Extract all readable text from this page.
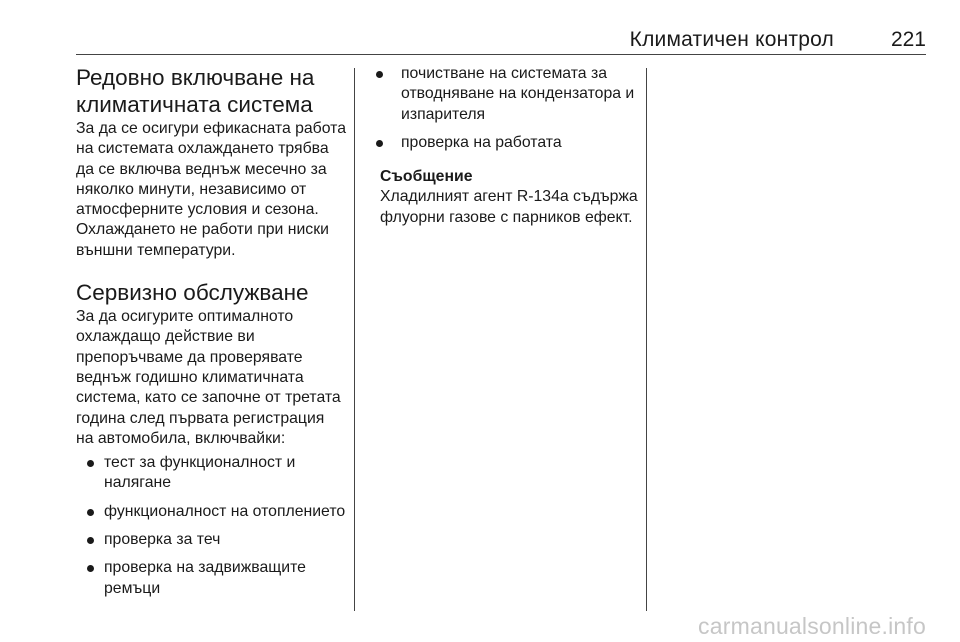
Климатичен контрол	221
Редовно включване на климатичната система

За да се осигури ефикасната работа на системата охлаждането трябва да се включва веднъж месечно за няколко минути, независимо от атмосферните условия и сезона. Охлаждането не работи при ниски външни температури.

Сервизно обслужване

За да осигурите оптималното охлаждащо действие ви препоръчваме да проверявате веднъж годишно климатичната система, като се започне от третата година след първата регистрация на автомобила, включвайки:

тест за функционалност и налягане
функционалност на отоплението
проверка за теч
проверка на задвижващите ремъци
почистване на системата за отводняване на кондензатора и изпарителя
проверка на работата
Съобщение

Хладилният агент R-134a съдържа флуорни газове с парников ефект.

carmanualsonline.info
